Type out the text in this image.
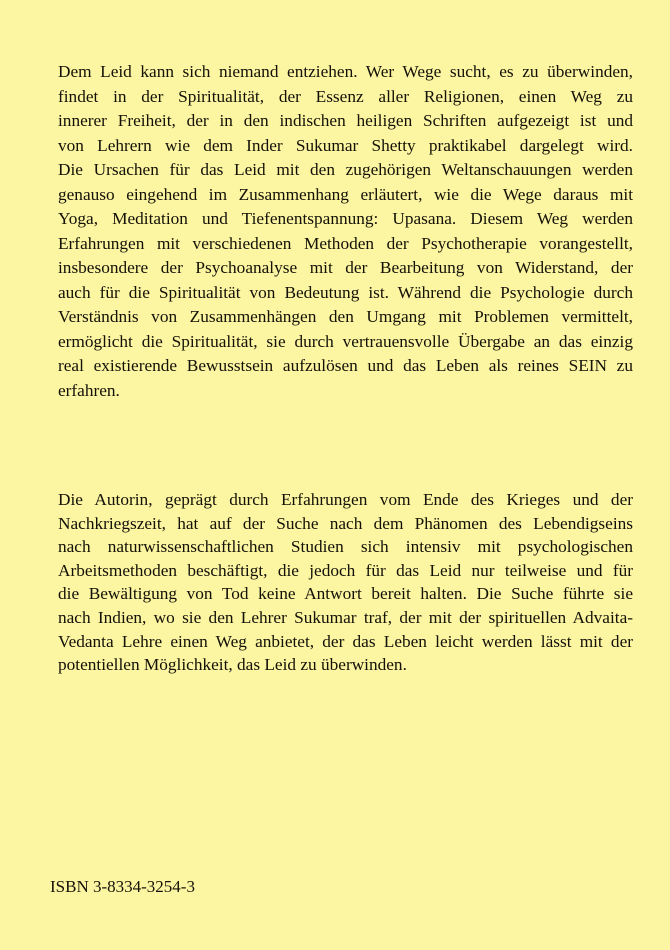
Dem Leid kann sich niemand entziehen. Wer Wege sucht, es zu überwinden,
findet in der Spiritualität, der Essenz aller Religionen, einen Weg zu
innerer Freiheit, der in den indischen heiligen Schriften aufgezeigt ist und
von Lehrern wie dem Inder Sukumar Shetty praktikabel dargelegt wird.
Die Ursachen für das Leid mit den zugehörigen Weltanschauungen werden
genauso eingehend im Zusammenhang erläutert, wie die Wege daraus mit
Yoga, Meditation und Tiefenentspannung: Upasana. Diesem Weg werden
Erfahrungen mit verschiedenen Methoden der Psychotherapie vorangestellt,
insbesondere der Psychoanalyse mit der Bearbeitung von Widerstand, der
auch für die Spiritualität von Bedeutung ist. Während die Psychologie durch
Verständnis von Zusammenhängen den Umgang mit Problemen vermittelt,
ermöglicht die Spiritualität, sie durch vertrauensvolle Übergabe an das einzig
real existierende Bewusstsein aufzulösen und das Leben als reines SEIN zu
erfahren.
Die Autorin, geprägt durch Erfahrungen vom Ende des Krieges und der
Nachkriegszeit, hat auf der Suche nach dem Phänomen des Lebendigseins
nach naturwissenschaftlichen Studien sich intensiv mit psychologischen
Arbeitsmethoden beschäftigt, die jedoch für das Leid nur teilweise und für
die Bewältigung von Tod keine Antwort bereit halten. Die Suche führte sie
nach Indien, wo sie den Lehrer Sukumar traf, der mit der spirituellen Advaita-
Vedanta Lehre einen Weg anbietet, der das Leben leicht werden lässt mit der
potentiellen Möglichkeit, das Leid zu überwinden.
ISBN 3-8334-3254-3
